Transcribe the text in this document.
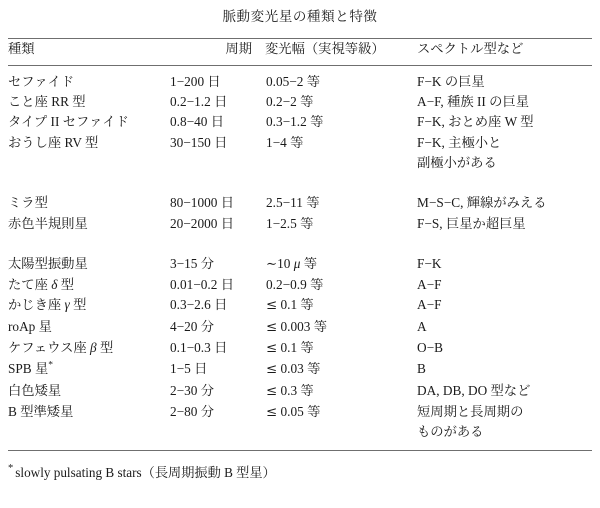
脈動変光星の種類と特徴
種類	周期	変光幅（実視等級）	スペクトル型など
セファイド	1−200 日	0.05−2 等	F−K の巨星

こと座 RR 型	0.2−1.2 日	0.2−2 等	A−F, 種族 II の巨星

タイプ II セファイド	0.8−40 日	0.3−1.2 等	F−K, おとめ座 W 型

おうし座 RV 型	30−150 日	1−4 等	F−K, 主極小と
副極小がある

ミラ型	80−1000 日	2.5−11 等	M−S−C, 輝線がみえる

赤色半規則星	20−2000 日	1−2.5 等	F−S, 巨星か超巨星

太陽型振動星	3−15 分	∼10 μ 等	F−K

たて座 δ 型	0.01−0.2 日	0.2−0.9 等	A−F

かじき座 γ 型	0.3−2.6 日	≤ 0.1 等	A−F

roAp 星	4−20 分	≤ 0.003 等	A

ケフェウス座 β 型	0.1−0.3 日	≤ 0.1 等	O−B

SPB 星*	1−5 日	≤ 0.03 等	B

白色矮星	2−30 分	≤ 0.3 等	DA, DB, DO 型など

B 型準矮星	2−80 分	≤ 0.05 等	短周期と長周期の
ものがある
* slowly pulsating B stars（長周期振動 B 型星）
